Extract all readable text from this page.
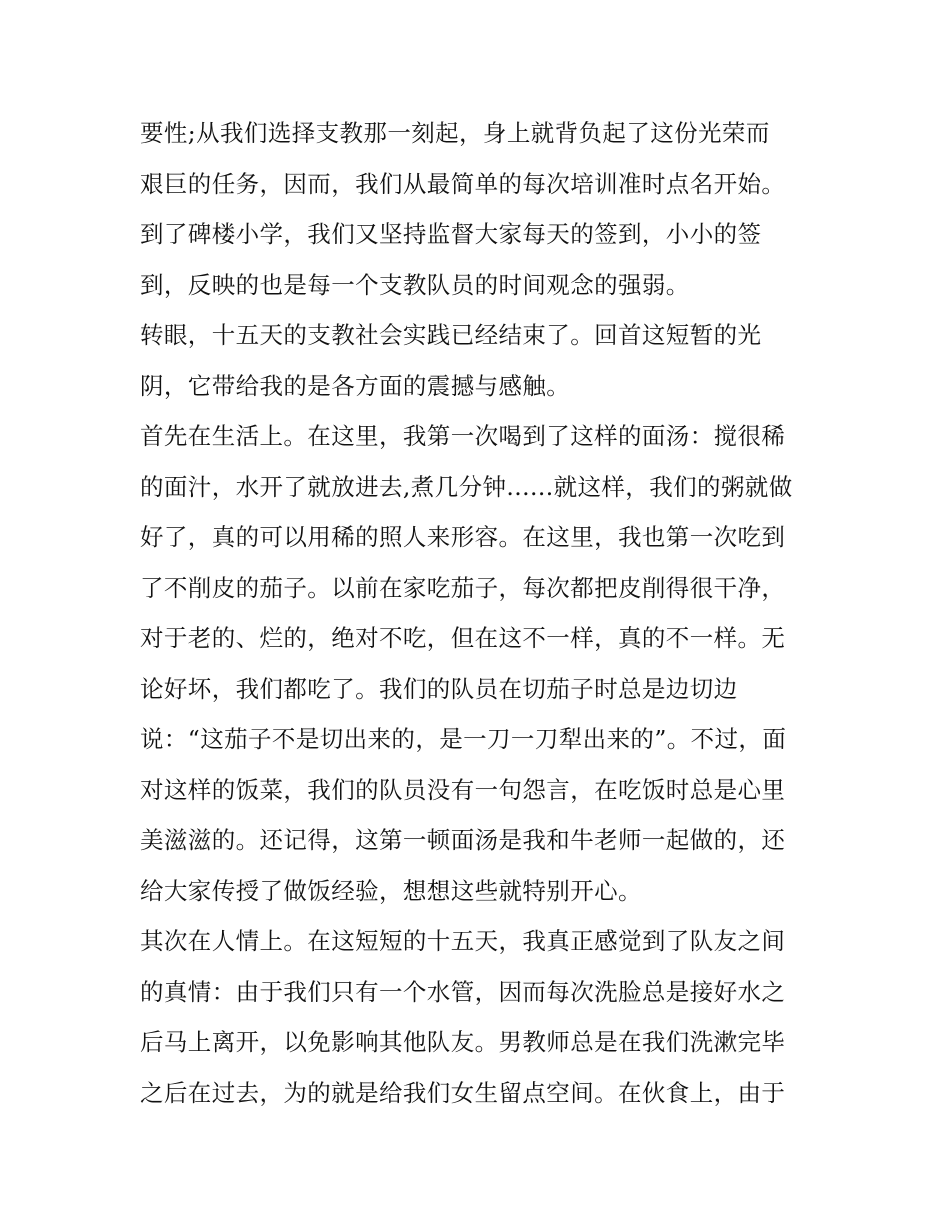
要性;从我们选择支教那一刻起，身上就背负起了这份光荣而
艰巨的任务，因而，我们从最简单的每次培训准时点名开始。
到了碑楼小学，我们又坚持监督大家每天的签到，小小的签
到，反映的也是每一个支教队员的时间观念的强弱。
转眼，十五天的支教社会实践已经结束了。回首这短暂的光
阴，它带给我的是各方面的震撼与感触。
首先在生活上。在这里，我第一次喝到了这样的面汤：搅很稀
的面汁，水开了就放进去,煮几分钟......就这样，我们的粥就做
好了，真的可以用稀的照人来形容。在这里，我也第一次吃到
了不削皮的茄子。以前在家吃茄子，每次都把皮削得很干净，
对于老的、烂的，绝对不吃，但在这不一样，真的不一样。无
论好坏，我们都吃了。我们的队员在切茄子时总是边切边
说：“这茄子不是切出来的，是一刀一刀犁出来的”。不过，面
对这样的饭菜，我们的队员没有一句怨言，在吃饭时总是心里
美滋滋的。还记得，这第一顿面汤是我和牛老师一起做的，还
给大家传授了做饭经验，想想这些就特别开心。
其次在人情上。在这短短的十五天，我真正感觉到了队友之间
的真情：由于我们只有一个水管，因而每次洗脸总是接好水之
后马上离开，以免影响其他队友。男教师总是在我们洗漱完毕
之后在过去，为的就是给我们女生留点空间。在伙食上，由于
